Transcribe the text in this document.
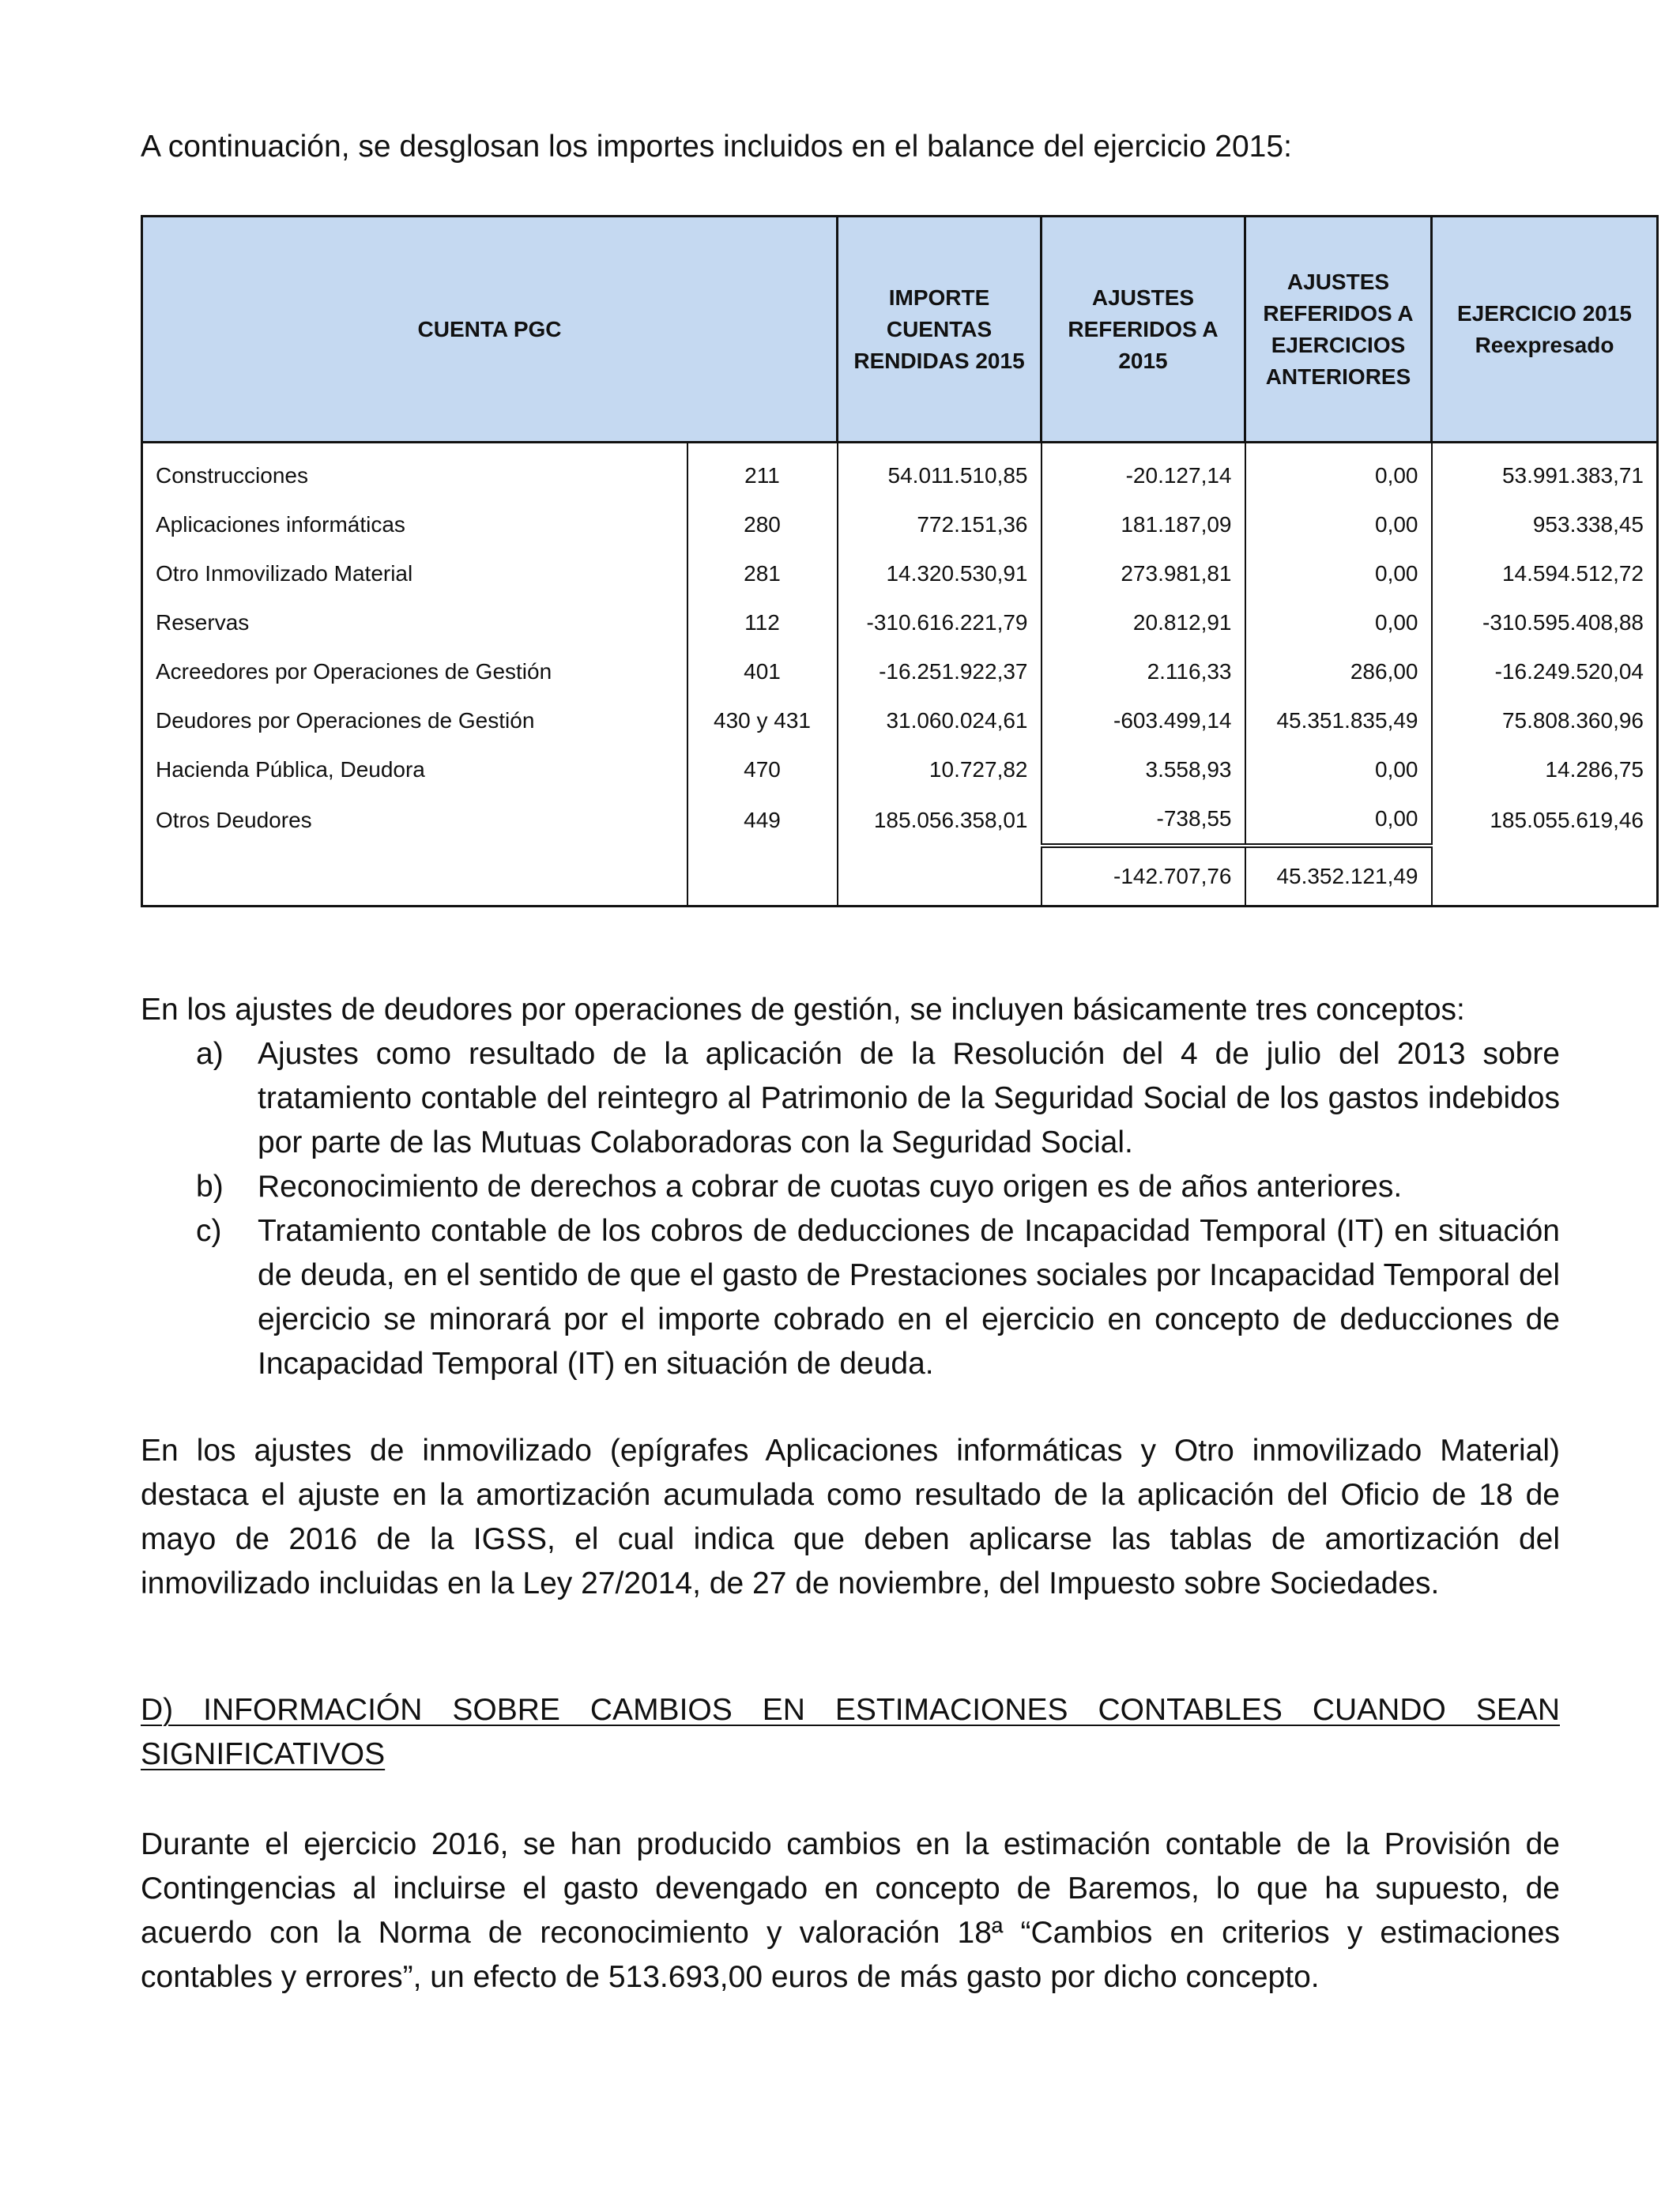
A continuación, se desglosan los importes incluidos en el balance del ejercicio 2015:

CUENTA PGC		IMPORTE CUENTAS RENDIDAS 2015	AJUSTES REFERIDOS A 2015	AJUSTES REFERIDOS A EJERCICIOS ANTERIORES	EJERCICIO 2015
Reexpresado
Construcciones	211	54.011.510,85	-20.127,14	0,00	53.991.383,71
Aplicaciones informáticas	280	772.151,36	181.187,09	0,00	953.338,45
Otro Inmovilizado Material	281	14.320.530,91	273.981,81	0,00	14.594.512,72
Reservas	112	-310.616.221,79	20.812,91	0,00	-310.595.408,88
Acreedores por Operaciones de Gestión	401	-16.251.922,37	2.116,33	286,00	-16.249.520,04
Deudores por Operaciones de Gestión	430 y 431	31.060.024,61	-603.499,14	45.351.835,49	75.808.360,96
Hacienda Pública, Deudora	470	10.727,82	3.558,93	0,00	14.286,75
Otros Deudores	449	185.056.358,01	-738,55	0,00	185.055.619,46
			-142.707,76	45.352.121,49	

En los ajustes de deudores por operaciones de gestión, se incluyen básicamente tres conceptos:

a) Ajustes como resultado de la aplicación de la Resolución del 4 de julio del 2013 sobre tratamiento contable del reintegro al Patrimonio de la Seguridad Social de los gastos indebidos por parte de las Mutuas Colaboradoras con la Seguridad Social.
b) Reconocimiento de derechos a cobrar de cuotas cuyo origen es de años anteriores.
c) Tratamiento contable de los cobros de deducciones de Incapacidad Temporal (IT) en situación de deuda, en el sentido de que el gasto de Prestaciones sociales por Incapacidad Temporal del ejercicio se minorará por el importe cobrado en el ejercicio en concepto de deducciones de Incapacidad Temporal (IT) en situación de deuda.

En los ajustes de inmovilizado (epígrafes Aplicaciones informáticas y Otro inmovilizado Material) destaca el ajuste en la amortización acumulada como resultado de la aplicación del Oficio de 18 de mayo de 2016 de la IGSS, el cual indica que deben aplicarse las tablas de amortización del inmovilizado incluidas en la Ley 27/2014, de 27 de noviembre, del Impuesto sobre Sociedades.

D) INFORMACIÓN SOBRE CAMBIOS EN ESTIMACIONES CONTABLES CUANDO SEAN SIGNIFICATIVOS

Durante el ejercicio 2016, se han producido cambios en la estimación contable de la Provisión de Contingencias al incluirse el gasto devengado en concepto de Baremos, lo que ha supuesto, de acuerdo con la Norma de reconocimiento y valoración 18ª “Cambios en criterios y estimaciones contables y errores”, un efecto de 513.693,00 euros de más gasto por dicho concepto.
